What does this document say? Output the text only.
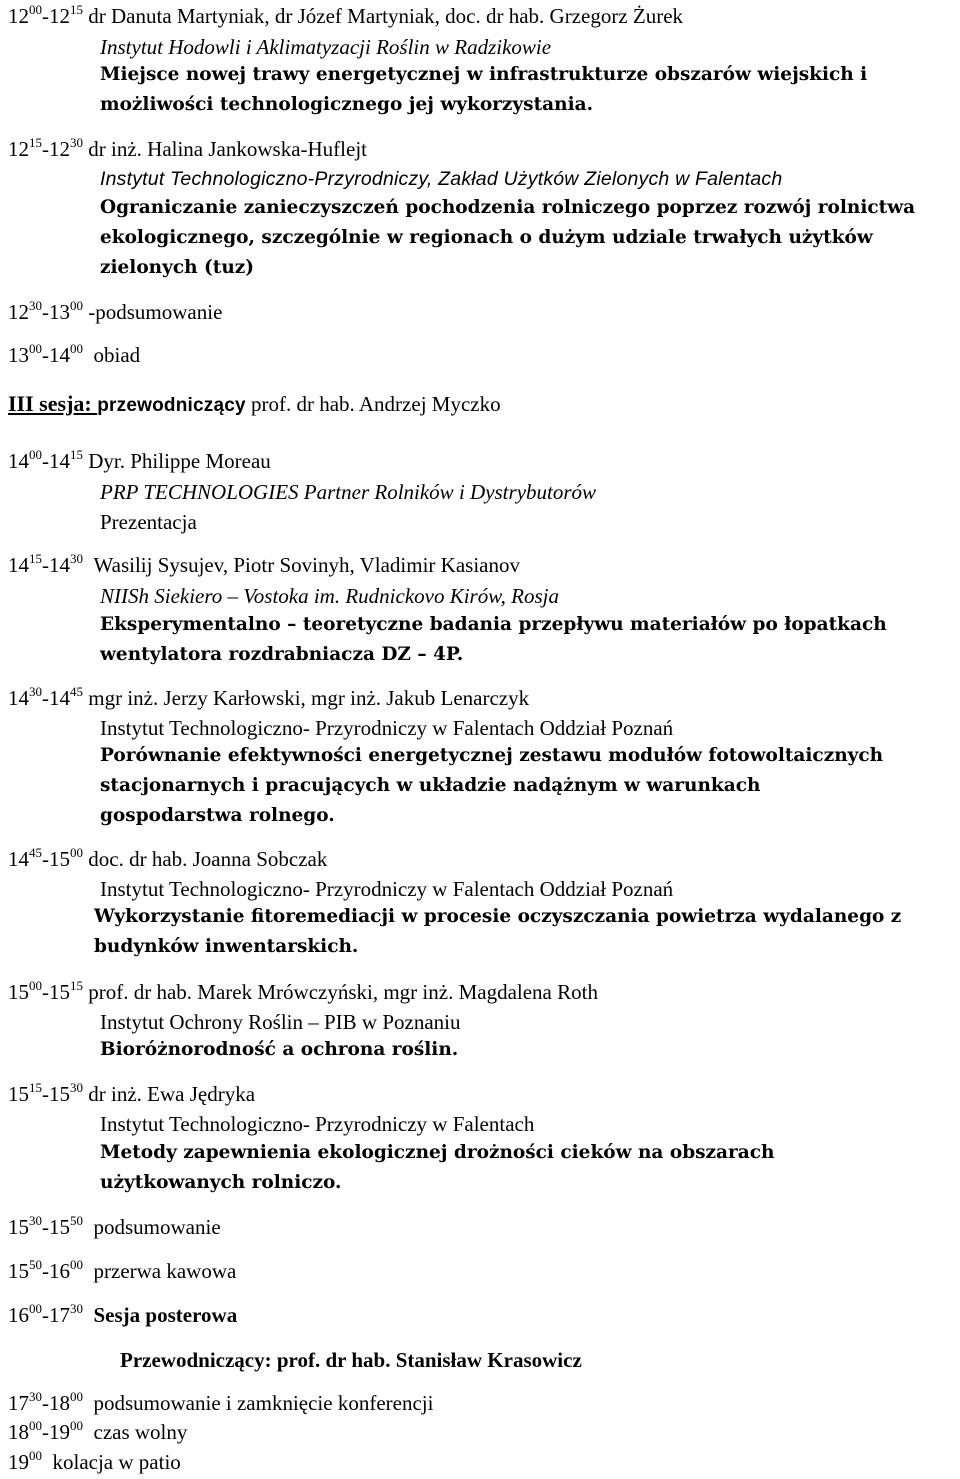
$12^{00}-12^{15}$ dr Danuta Martyniak, dr Józef Martyniak, doc. dr hab. Grzegorz Żurek
Instytut Hodowli i Aklimatyzacji Roślin w Radzikowie
Miejsce nowej trawy energetycznej w infrastrukturze obszarów wiejskich i
możliwości technologicznego jej wykorzystania.
$12^{15}-12^{30}$ dr inż. Halina Jankowska-Huflejt
Instytut Technologiczno-Przyrodniczy, Zakład Użytków Zielonych w Falentach
Ograniczanie zanieczyszczeń pochodzenia rolniczego poprzez rozwój rolnictwa
ekologicznego, szczególnie w regionach o dużym udziale trwałych użytków
zielonych (tuz)
$12^{30}-13^{00}$ -podsumowanie
$13^{00}-14^{00}$ obiad
III sesja: przewodniczący prof. dr hab. Andrzej Myczko
$14^{00}-14^{15}$ Dyr. Philippe Moreau
PRP TECHNOLOGIES Partner Rolników i Dystrybutorów
Prezentacja
$14^{15}-14^{30}$ Wasilij Sysujev, Piotr Sovinyh, Vladimir Kasianov
NIISh Siekiero – Vostoka im. Rudnickovo Kirów, Rosja
Eksperymentalno – teoretyczne badania przepływu materiałów po łopatkach
wentylatora rozdrabniacza DZ – 4P.
$14^{30}-14^{45}$ mgr inż. Jerzy Karłowski, mgr inż. Jakub Lenarczyk
Instytut Technologiczno- Przyrodniczy w Falentach Oddział Poznań
Porównanie efektywności energetycznej zestawu modułów fotowoltaicznych
stacjonarnych i pracujących w układzie nadążnym w warunkach
gospodarstwa rolnego.
$14^{45}-15^{00}$ doc. dr hab. Joanna Sobczak
Instytut Technologiczno- Przyrodniczy w Falentach Oddział Poznań
Wykorzystanie fitoremediacji w procesie oczyszczania powietrza wydalanego z
budynków inwentarskich.
$15^{00}-15^{15}$ prof. dr hab. Marek Mrówczyński, mgr inż. Magdalena Roth
Instytut Ochrony Roślin – PIB w Poznaniu
Bioróżnorodność a ochrona roślin.
$15^{15}-15^{30}$ dr inż. Ewa Jędryka
Instytut Technologiczno- Przyrodniczy w Falentach
Metody zapewnienia ekologicznej drożności cieków na obszarach
użytkowanych rolniczo.
$15^{30}-15^{50}$ podsumowanie
$15^{50}-16^{00}$ przerwa kawowa
$16^{00}-17^{30}$ Sesja posterowa
Przewodniczący: prof. dr hab. Stanisław Krasowicz
$17^{30}-18^{00}$ podsumowanie i zamknięcie konferencji
$18^{00}-19^{00}$ czas wolny
$19^{00}$ kolacja w patio
